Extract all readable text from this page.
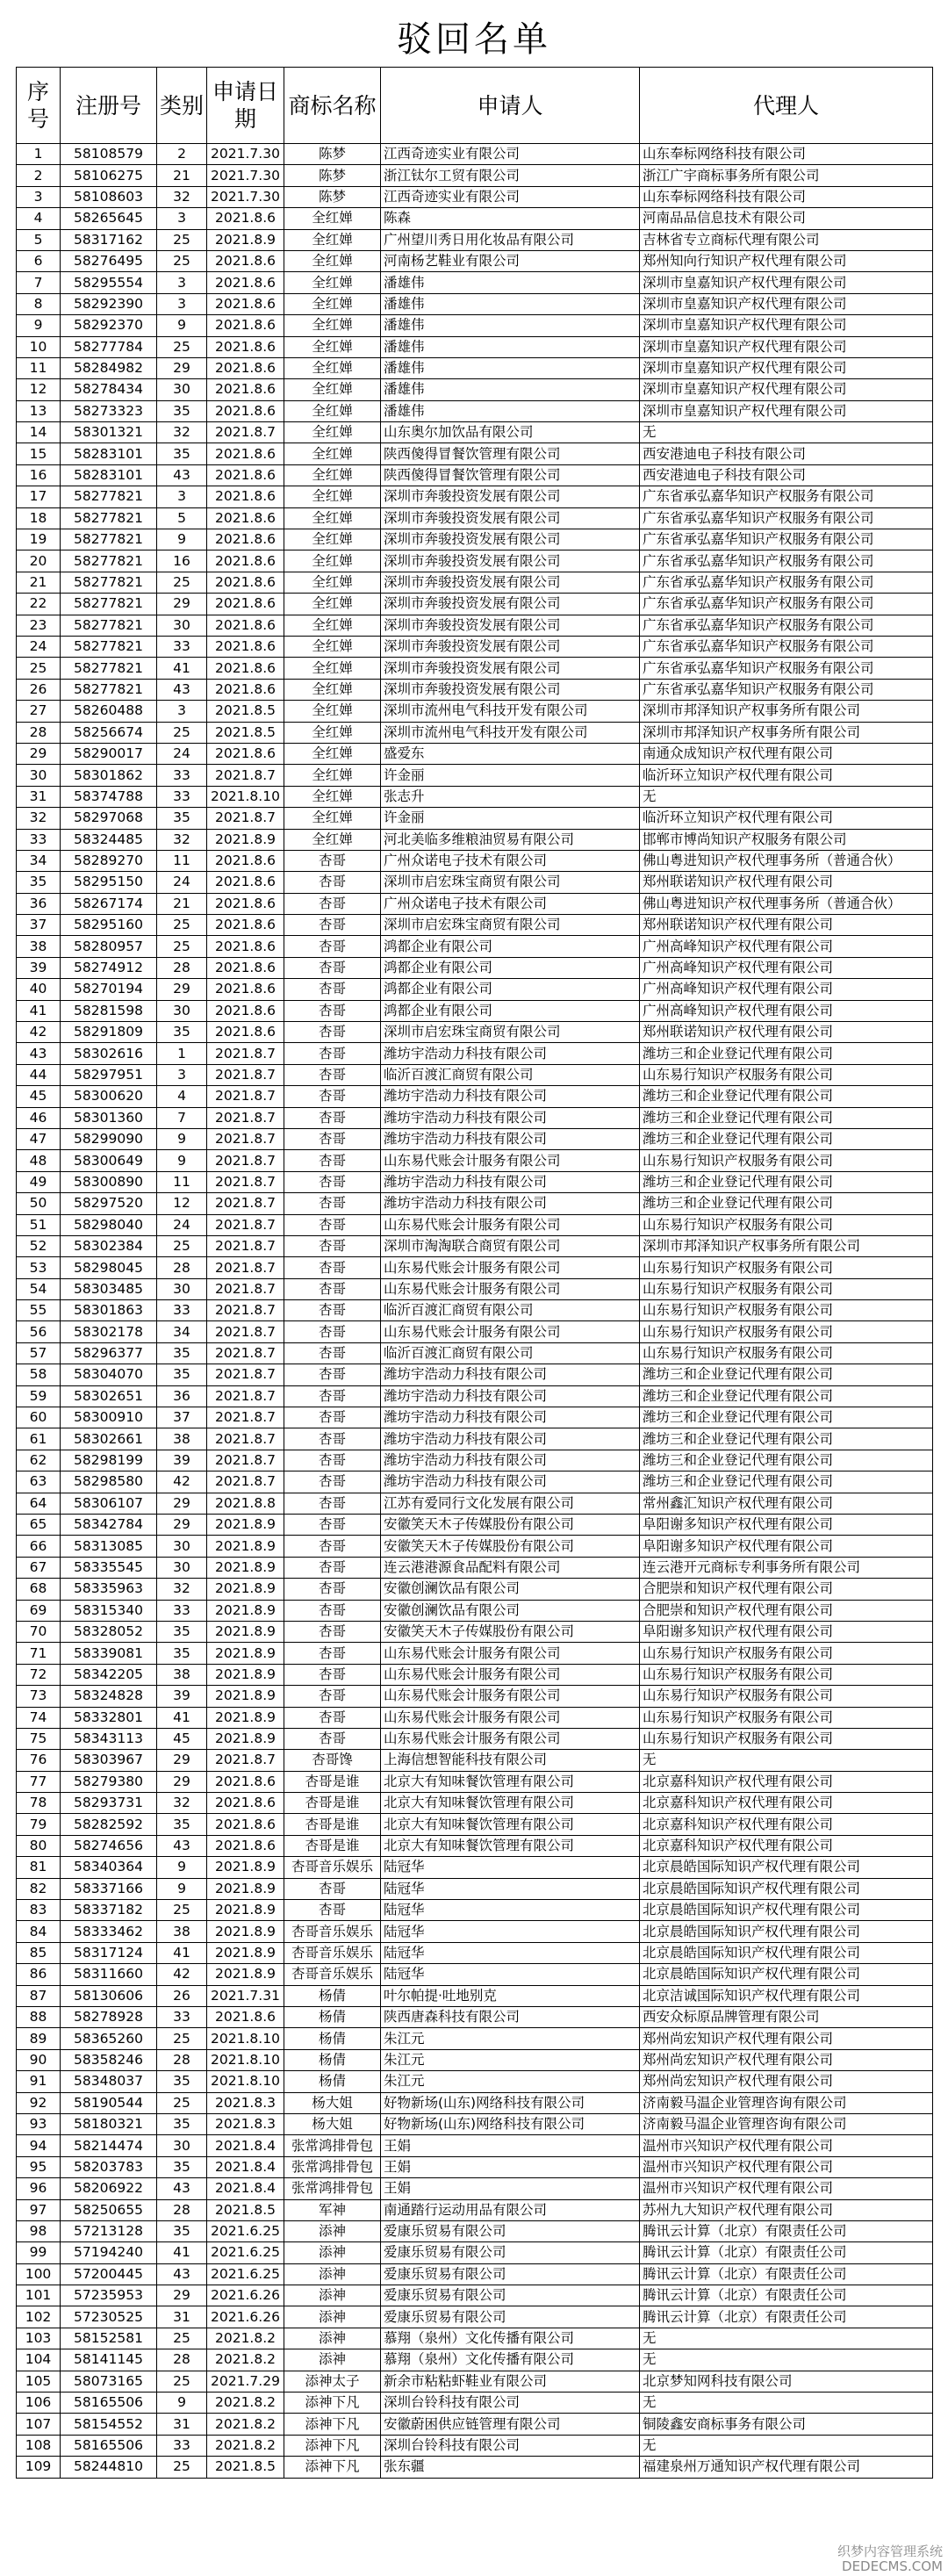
驳回名单
序号	注册号	类别	申请日期	商标名称	申请人	代理人
1	58108579	2	2021.7.30	陈梦	江西奇迹实业有限公司	山东奉标网络科技有限公司
2	58106275	21	2021.7.30	陈梦	浙江钛尔工贸有限公司	浙江广宇商标事务所有限公司
3	58108603	32	2021.7.30	陈梦	江西奇迹实业有限公司	山东奉标网络科技有限公司
4	58265645	3	2021.8.6	全红婵	陈森	河南品品信息技术有限公司
5	58317162	25	2021.8.9	全红婵	广州望川秀日用化妆品有限公司	吉林省专立商标代理有限公司
6	58276495	25	2021.8.6	全红婵	河南杨艺鞋业有限公司	郑州知向行知识产权代理有限公司
7	58295554	3	2021.8.6	全红婵	潘雄伟	深圳市皇嘉知识产权代理有限公司
8	58292390	3	2021.8.6	全红婵	潘雄伟	深圳市皇嘉知识产权代理有限公司
9	58292370	9	2021.8.6	全红婵	潘雄伟	深圳市皇嘉知识产权代理有限公司
10	58277784	25	2021.8.6	全红婵	潘雄伟	深圳市皇嘉知识产权代理有限公司
11	58284982	29	2021.8.6	全红婵	潘雄伟	深圳市皇嘉知识产权代理有限公司
12	58278434	30	2021.8.6	全红婵	潘雄伟	深圳市皇嘉知识产权代理有限公司
13	58273323	35	2021.8.6	全红婵	潘雄伟	深圳市皇嘉知识产权代理有限公司
14	58301321	32	2021.8.7	全红婵	山东奥尔加饮品有限公司	无
15	58283101	35	2021.8.6	全红婵	陕西傻得冒餐饮管理有限公司	西安港迪电子科技有限公司
16	58283101	43	2021.8.6	全红婵	陕西傻得冒餐饮管理有限公司	西安港迪电子科技有限公司
17	58277821	3	2021.8.6	全红婵	深圳市奔骏投资发展有限公司	广东省承弘嘉华知识产权服务有限公司
18	58277821	5	2021.8.6	全红婵	深圳市奔骏投资发展有限公司	广东省承弘嘉华知识产权服务有限公司
19	58277821	9	2021.8.6	全红婵	深圳市奔骏投资发展有限公司	广东省承弘嘉华知识产权服务有限公司
20	58277821	16	2021.8.6	全红婵	深圳市奔骏投资发展有限公司	广东省承弘嘉华知识产权服务有限公司
21	58277821	25	2021.8.6	全红婵	深圳市奔骏投资发展有限公司	广东省承弘嘉华知识产权服务有限公司
22	58277821	29	2021.8.6	全红婵	深圳市奔骏投资发展有限公司	广东省承弘嘉华知识产权服务有限公司
23	58277821	30	2021.8.6	全红婵	深圳市奔骏投资发展有限公司	广东省承弘嘉华知识产权服务有限公司
24	58277821	33	2021.8.6	全红婵	深圳市奔骏投资发展有限公司	广东省承弘嘉华知识产权服务有限公司
25	58277821	41	2021.8.6	全红婵	深圳市奔骏投资发展有限公司	广东省承弘嘉华知识产权服务有限公司
26	58277821	43	2021.8.6	全红婵	深圳市奔骏投资发展有限公司	广东省承弘嘉华知识产权服务有限公司
27	58260488	3	2021.8.5	全红婵	深圳市流州电气科技开发有限公司	深圳市邦泽知识产权事务所有限公司
28	58256674	25	2021.8.5	全红婵	深圳市流州电气科技开发有限公司	深圳市邦泽知识产权事务所有限公司
29	58290017	24	2021.8.6	全红婵	盛爱东	南通众成知识产权代理有限公司
30	58301862	33	2021.8.7	全红婵	许金丽	临沂环立知识产权代理有限公司
31	58374788	33	2021.8.10	全红婵	张志升	无
32	58297068	35	2021.8.7	全红婵	许金丽	临沂环立知识产权代理有限公司
33	58324485	32	2021.8.9	全红婵	河北美临多维粮油贸易有限公司	邯郸市博尚知识产权服务有限公司
34	58289270	11	2021.8.6	杏哥	广州众诺电子技术有限公司	佛山粤进知识产权代理事务所（普通合伙）
35	58295150	24	2021.8.6	杏哥	深圳市启宏珠宝商贸有限公司	郑州联诺知识产权代理有限公司
36	58267174	21	2021.8.6	杏哥	广州众诺电子技术有限公司	佛山粤进知识产权代理事务所（普通合伙）
37	58295160	25	2021.8.6	杏哥	深圳市启宏珠宝商贸有限公司	郑州联诺知识产权代理有限公司
38	58280957	25	2021.8.6	杏哥	鸿都企业有限公司	广州高峰知识产权代理有限公司
39	58274912	28	2021.8.6	杏哥	鸿都企业有限公司	广州高峰知识产权代理有限公司
40	58270194	29	2021.8.6	杏哥	鸿都企业有限公司	广州高峰知识产权代理有限公司
41	58281598	30	2021.8.6	杏哥	鸿都企业有限公司	广州高峰知识产权代理有限公司
42	58291809	35	2021.8.6	杏哥	深圳市启宏珠宝商贸有限公司	郑州联诺知识产权代理有限公司
43	58302616	1	2021.8.7	杏哥	潍坊宇浩动力科技有限公司	潍坊三和企业登记代理有限公司
44	58297951	3	2021.8.7	杏哥	临沂百渡汇商贸有限公司	山东易行知识产权服务有限公司
45	58300620	4	2021.8.7	杏哥	潍坊宇浩动力科技有限公司	潍坊三和企业登记代理有限公司
46	58301360	7	2021.8.7	杏哥	潍坊宇浩动力科技有限公司	潍坊三和企业登记代理有限公司
47	58299090	9	2021.8.7	杏哥	潍坊宇浩动力科技有限公司	潍坊三和企业登记代理有限公司
48	58300649	9	2021.8.7	杏哥	山东易代账会计服务有限公司	山东易行知识产权服务有限公司
49	58300890	11	2021.8.7	杏哥	潍坊宇浩动力科技有限公司	潍坊三和企业登记代理有限公司
50	58297520	12	2021.8.7	杏哥	潍坊宇浩动力科技有限公司	潍坊三和企业登记代理有限公司
51	58298040	24	2021.8.7	杏哥	山东易代账会计服务有限公司	山东易行知识产权服务有限公司
52	58302384	25	2021.8.7	杏哥	深圳市淘淘联合商贸有限公司	深圳市邦泽知识产权事务所有限公司
53	58298045	28	2021.8.7	杏哥	山东易代账会计服务有限公司	山东易行知识产权服务有限公司
54	58303485	30	2021.8.7	杏哥	山东易代账会计服务有限公司	山东易行知识产权服务有限公司
55	58301863	33	2021.8.7	杏哥	临沂百渡汇商贸有限公司	山东易行知识产权服务有限公司
56	58302178	34	2021.8.7	杏哥	山东易代账会计服务有限公司	山东易行知识产权服务有限公司
57	58296377	35	2021.8.7	杏哥	临沂百渡汇商贸有限公司	山东易行知识产权服务有限公司
58	58304070	35	2021.8.7	杏哥	潍坊宇浩动力科技有限公司	潍坊三和企业登记代理有限公司
59	58302651	36	2021.8.7	杏哥	潍坊宇浩动力科技有限公司	潍坊三和企业登记代理有限公司
60	58300910	37	2021.8.7	杏哥	潍坊宇浩动力科技有限公司	潍坊三和企业登记代理有限公司
61	58302661	38	2021.8.7	杏哥	潍坊宇浩动力科技有限公司	潍坊三和企业登记代理有限公司
62	58298199	39	2021.8.7	杏哥	潍坊宇浩动力科技有限公司	潍坊三和企业登记代理有限公司
63	58298580	42	2021.8.7	杏哥	潍坊宇浩动力科技有限公司	潍坊三和企业登记代理有限公司
64	58306107	29	2021.8.8	杏哥	江苏有爱同行文化发展有限公司	常州鑫汇知识产权代理有限公司
65	58342784	29	2021.8.9	杏哥	安徽笑天木子传媒股份有限公司	阜阳谢多知识产权代理有限公司
66	58313085	30	2021.8.9	杏哥	安徽笑天木子传媒股份有限公司	阜阳谢多知识产权代理有限公司
67	58335545	30	2021.8.9	杏哥	连云港港源食品配料有限公司	连云港开元商标专利事务所有限公司
68	58335963	32	2021.8.9	杏哥	安徽创澜饮品有限公司	合肥崇和知识产权代理有限公司
69	58315340	33	2021.8.9	杏哥	安徽创澜饮品有限公司	合肥崇和知识产权代理有限公司
70	58328052	35	2021.8.9	杏哥	安徽笑天木子传媒股份有限公司	阜阳谢多知识产权代理有限公司
71	58339081	35	2021.8.9	杏哥	山东易代账会计服务有限公司	山东易行知识产权服务有限公司
72	58342205	38	2021.8.9	杏哥	山东易代账会计服务有限公司	山东易行知识产权服务有限公司
73	58324828	39	2021.8.9	杏哥	山东易代账会计服务有限公司	山东易行知识产权服务有限公司
74	58332801	41	2021.8.9	杏哥	山东易代账会计服务有限公司	山东易行知识产权服务有限公司
75	58343113	45	2021.8.9	杏哥	山东易代账会计服务有限公司	山东易行知识产权服务有限公司
76	58303967	29	2021.8.7	杏哥馋	上海信想智能科技有限公司	无
77	58279380	29	2021.8.6	杏哥是谁	北京大有知味餐饮管理有限公司	北京嘉科知识产权代理有限公司
78	58293731	32	2021.8.6	杏哥是谁	北京大有知味餐饮管理有限公司	北京嘉科知识产权代理有限公司
79	58282592	35	2021.8.6	杏哥是谁	北京大有知味餐饮管理有限公司	北京嘉科知识产权代理有限公司
80	58274656	43	2021.8.6	杏哥是谁	北京大有知味餐饮管理有限公司	北京嘉科知识产权代理有限公司
81	58340364	9	2021.8.9	杏哥音乐娱乐	陆冠华	北京晨皓国际知识产权代理有限公司
82	58337166	9	2021.8.9	杏哥	陆冠华	北京晨皓国际知识产权代理有限公司
83	58337182	25	2021.8.9	杏哥	陆冠华	北京晨皓国际知识产权代理有限公司
84	58333462	38	2021.8.9	杏哥音乐娱乐	陆冠华	北京晨皓国际知识产权代理有限公司
85	58317124	41	2021.8.9	杏哥音乐娱乐	陆冠华	北京晨皓国际知识产权代理有限公司
86	58311660	42	2021.8.9	杏哥音乐娱乐	陆冠华	北京晨皓国际知识产权代理有限公司
87	58130606	26	2021.7.31	杨倩	叶尔帕提·吐地别克	北京洁诚国际知识产权代理有限公司
88	58278928	33	2021.8.6	杨倩	陕西唐森科技有限公司	西安众标原品牌管理有限公司
89	58365260	25	2021.8.10	杨倩	朱江元	郑州尚宏知识产权代理有限公司
90	58358246	28	2021.8.10	杨倩	朱江元	郑州尚宏知识产权代理有限公司
91	58348037	35	2021.8.10	杨倩	朱江元	郑州尚宏知识产权代理有限公司
92	58190544	25	2021.8.3	杨大姐	好物新场(山东)网络科技有限公司	济南毅马温企业管理咨询有限公司
93	58180321	35	2021.8.3	杨大姐	好物新场(山东)网络科技有限公司	济南毅马温企业管理咨询有限公司
94	58214474	30	2021.8.4	张常鸿排骨包	王娟	温州市兴知识产权代理有限公司
95	58203783	35	2021.8.4	张常鸿排骨包	王娟	温州市兴知识产权代理有限公司
96	58206922	43	2021.8.4	张常鸿排骨包	王娟	温州市兴知识产权代理有限公司
97	58250655	28	2021.8.5	军神	南通踏行运动用品有限公司	苏州九大知识产权代理有限公司
98	57213128	35	2021.6.25	添神	爱康乐贸易有限公司	腾讯云计算（北京）有限责任公司
99	57194240	41	2021.6.25	添神	爱康乐贸易有限公司	腾讯云计算（北京）有限责任公司
100	57200445	43	2021.6.25	添神	爱康乐贸易有限公司	腾讯云计算（北京）有限责任公司
101	57235953	29	2021.6.26	添神	爱康乐贸易有限公司	腾讯云计算（北京）有限责任公司
102	57230525	31	2021.6.26	添神	爱康乐贸易有限公司	腾讯云计算（北京）有限责任公司
103	58152581	25	2021.8.2	添神	慕翔（泉州）文化传播有限公司	无
104	58141145	28	2021.8.2	添神	慕翔（泉州）文化传播有限公司	无
105	58073165	25	2021.7.29	添神太子	新余市粘粘虾鞋业有限公司	北京梦知网科技有限公司
106	58165506	9	2021.8.2	添神下凡	深圳台铃科技有限公司	无
107	58154552	31	2021.8.2	添神下凡	安徽蔚困供应链管理有限公司	铜陵鑫安商标事务有限公司
108	58165506	33	2021.8.2	添神下凡	深圳台铃科技有限公司	无
109	58244810	25	2021.8.5	添神下凡	张东疆	福建泉州万通知识产权代理有限公司
织梦内容管理系统
DEDECMS.COM
